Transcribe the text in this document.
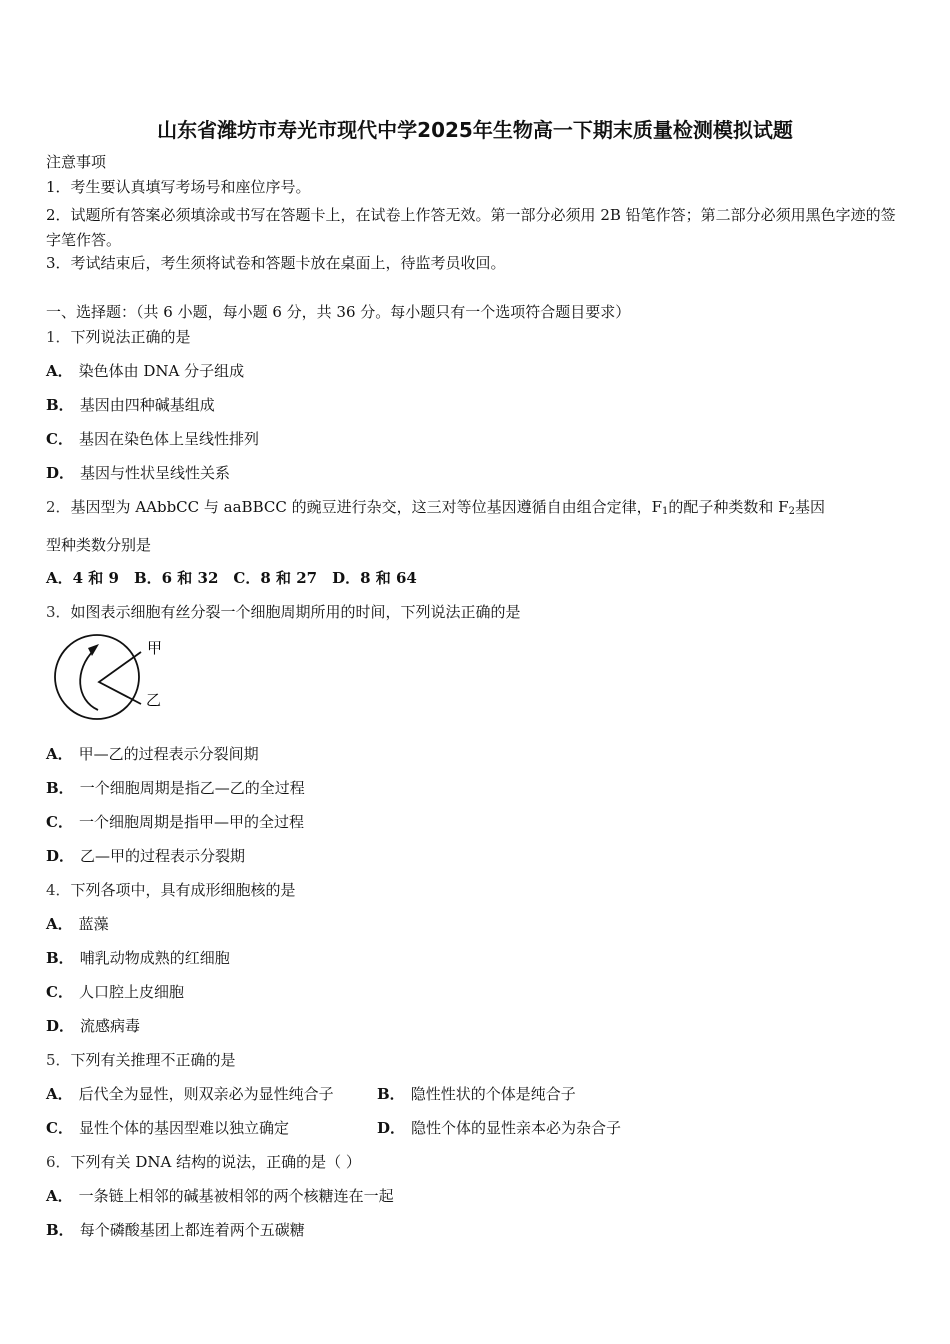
山东省潍坊市寿光市现代中学2025年生物高一下期末质量检测模拟试题
注意事项
1．考生要认真填写考场号和座位序号。
2．试题所有答案必须填涂或书写在答题卡上，在试卷上作答无效。第一部分必须用 2B 铅笔作答；第二部分必须用黑色字迹的签字笔作答。
3．考试结束后，考生须将试卷和答题卡放在桌面上，待监考员收回。
一、选择题：（共 6 小题，每小题 6 分，共 36 分。每小题只有一个选项符合题目要求）
1．下列说法正确的是
A． 染色体由 DNA 分子组成
B． 基因由四种碱基组成
C． 基因在染色体上呈线性排列
D． 基因与性状呈线性关系
2．基因型为 AAbbCC 与 aaBBCC 的豌豆进行杂交，这三对等位基因遵循自由组合定律，$F_1$的配子种类数和 $F_2$基因
型种类数分别是
A．4 和 9　B．6 和 32　C．8 和 27　D．8 和 64
3．如图表示细胞有丝分裂一个细胞周期所用的时间，下列说法正确的是
甲
乙
A． 甲—乙的过程表示分裂间期
B． 一个细胞周期是指乙—乙的全过程
C． 一个细胞周期是指甲—甲的全过程
D． 乙—甲的过程表示分裂期
4．下列各项中，具有成形细胞核的是
A． 蓝藻
B． 哺乳动物成熟的红细胞
C． 人口腔上皮细胞
D． 流感病毒
5．下列有关推理不正确的是
A． 后代全为显性，则双亲必为显性纯合子	B． 隐性性状的个体是纯合子
C． 显性个体的基因型难以独立确定	D． 隐性个体的显性亲本必为杂合子
6．下列有关 DNA 结构的说法，正确的是（ ）
A． 一条链上相邻的碱基被相邻的两个核糖连在一起
B． 每个磷酸基团上都连着两个五碳糖
